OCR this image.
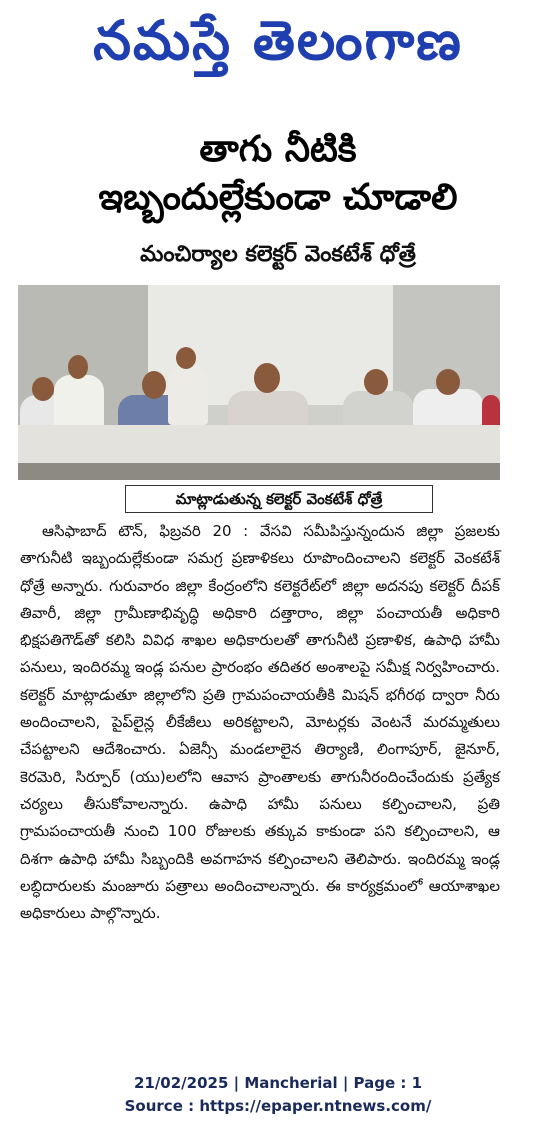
నమస్తే తెలంగాణ
తాగు నీటికి
ఇబ్బందుల్లేకుండా చూడాలి
మంచిర్యాల కలెక్టర్‌ వెంకటేశ్‌ ధోత్రే
మాట్లాడుతున్న కలెక్టర్‌ వెంకటేశ్‌ ధోత్రే

ఆసిఫాబాద్‌ టౌన్‌, ఫిబ్రవరి 20 : వేసవి సమీపిస్తున్నందున జిల్లా ప్రజలకు తాగునీటి ఇబ్బందుల్లేకుండా సమగ్ర ప్రణాళికలు రూపొందించాలని కలెక్టర్‌ వెంకటేశ్‌ ధోత్రే అన్నారు. గురువారం జిల్లా కేంద్రంలోని కలెక్టరేట్‌లో జిల్లా అదనపు కలెక్టర్‌ దీపక్‌ తివారీ, జిల్లా గ్రామీణాభివృద్ధి అధికారి దత్తారాం, జిల్లా పంచాయతీ అధికారి భిక్షపతిగౌడ్‌తో కలిసి వివిధ శాఖల అధికారులతో తాగునీటి ప్రణాళిక, ఉపాధి హామీ పనులు, ఇందిరమ్మ ఇండ్ల పనుల ప్రారంభం తదితర అంశాలపై సమీక్ష నిర్వహించారు. కలెక్టర్‌ మాట్లాడుతూ జిల్లాలోని ప్రతి గ్రామపంచాయతీకి మిషన్‌ భగీరథ ద్వారా నీరు అందించాలని, పైప్‌లైన్ల లీకేజీలు అరికట్టాలని, మోటర్లకు వెంటనే మరమ్మతులు చేపట్టాలని ఆదేశించారు. ఏజెన్సీ మండలాలైన తిర్యాణి, లింగాపూర్‌, జైనూర్‌, కెరమెరి, సిర్పూర్‌ (యు)లలోని ఆవాస ప్రాంతాలకు తాగునీరందించేందుకు ప్రత్యేక చర్యలు తీసుకోవాలన్నారు. ఉపాధి హామీ పనులు కల్పించాలని, ప్రతి గ్రామపంచాయతీ నుంచి 100 రోజులకు తక్కువ కాకుండా పని కల్పించాలని, ఆ దిశగా ఉపాధి హామీ సిబ్బందికి అవగాహన కల్పించాలని తెలిపారు. ఇందిరమ్మ ఇండ్ల లబ్ధిదారులకు మంజూరు పత్రాలు అందించాలన్నారు. ఈ కార్యక్రమంలో ఆయాశాఖల అధికారులు పాల్గొన్నారు.

21/02/2025 | Mancherial | Page : 1
Source : https://epaper.ntnews.com/
